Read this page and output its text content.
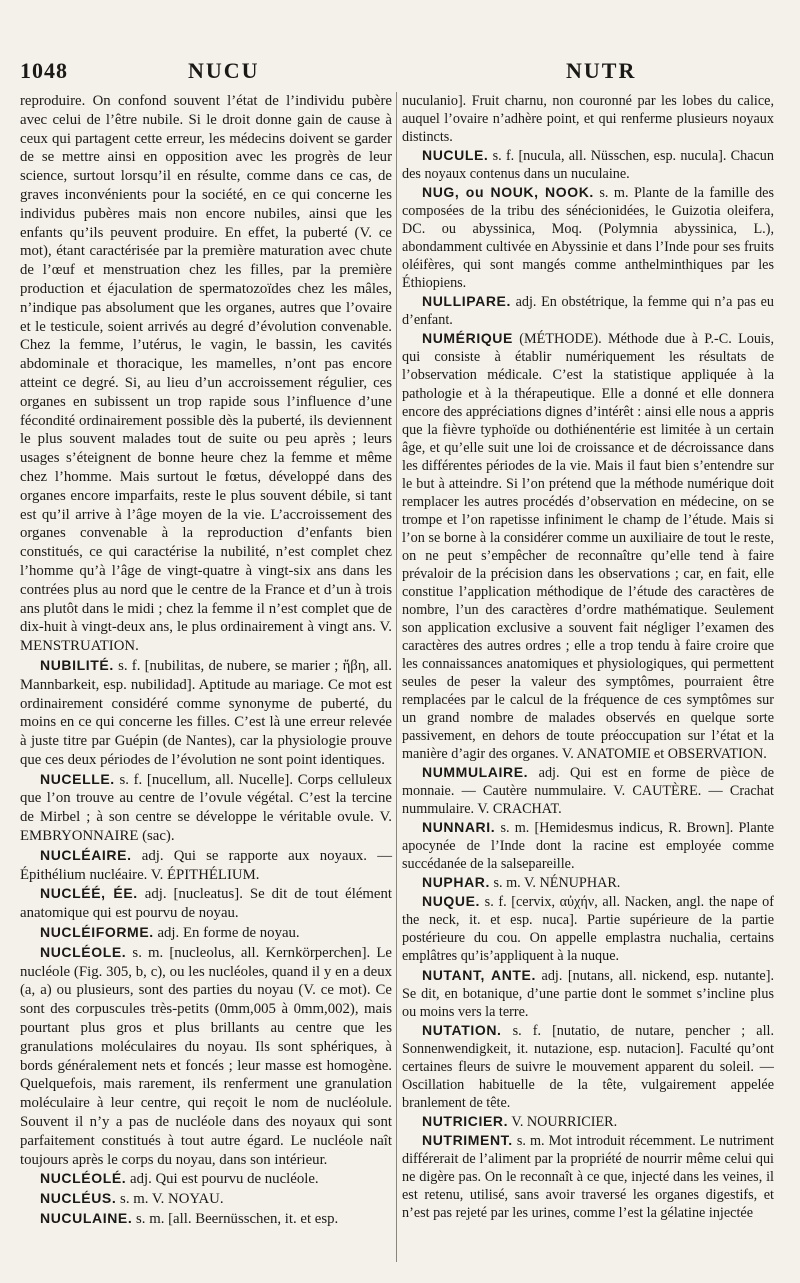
1048	NUCU	NUTR

reproduire. On confond souvent l’état de l’individu pubère avec celui de l’être nubile. Si le droit donne gain de cause à ceux qui partagent cette erreur, les médecins doivent se garder de se mettre ainsi en opposition avec les progrès de leur science, surtout lorsqu’il en résulte, comme dans ce cas, de graves inconvénients pour la société, en ce qui concerne les individus pubères mais non encore nubiles, ainsi que les enfants qu’ils peuvent produire. En effet, la puberté (V. ce mot), étant caractérisée par la première maturation avec chute de l’œuf et menstruation chez les filles, par la première production et éjaculation de spermatozoïdes chez les mâles, n’indique pas absolument que les organes, autres que l’ovaire et le testicule, soient arrivés au degré d’évolution convenable. Chez la femme, l’utérus, le vagin, le bassin, les cavités abdominale et thoracique, les mamelles, n’ont pas encore atteint ce degré. Si, au lieu d’un accroissement régulier, ces organes en subissent un trop rapide sous l’influence d’une fécondité ordinairement possible dès la puberté, ils deviennent le plus souvent malades tout de suite ou peu après ; leurs usages s’éteignent de bonne heure chez la femme et même chez l’homme. Mais surtout le fœtus, développé dans des organes encore imparfaits, reste le plus souvent débile, si tant est qu’il arrive à l’âge moyen de la vie. L’accroissement des organes convenable à la reproduction d’enfants bien constitués, ce qui caractérise la nubilité, n’est complet chez l’homme qu’à l’âge de vingt-quatre à vingt-six ans dans les contrées plus au nord que le centre de la France et d’un à trois ans plutôt dans le midi ; chez la femme il n’est complet que de dix-huit à vingt-deux ans, le plus ordinairement à vingt ans. V. MENSTRUATION.

NUBILITÉ. s. f. [nubilitas, de nubere, se marier ; ἥβη, all. Mannbarkeit, esp. nubilidad]. Aptitude au mariage. Ce mot est ordinairement considéré comme synonyme de puberté, du moins en ce qui concerne les filles. C’est là une erreur relevée à juste titre par Guépin (de Nantes), car la physiologie prouve que ces deux périodes de l’évolution ne sont point identiques.

NUCELLE. s. f. [nucellum, all. Nucelle]. Corps celluleux que l’on trouve au centre de l’ovule végétal. C’est la tercine de Mirbel ; à son centre se développe le véritable ovule. V. EMBRYONNAIRE (sac).

NUCLÉAIRE. adj. Qui se rapporte aux noyaux. — Épithélium nucléaire. V. ÉPITHÉLIUM.

NUCLÉÉ, ÉE. adj. [nucleatus]. Se dit de tout élément anatomique qui est pourvu de noyau.

NUCLÉIFORME. adj. En forme de noyau.

NUCLÉOLE. s. m. [nucleolus, all. Kernkörperchen]. Le nucléole (Fig. 305, b, c), ou les nucléoles, quand il y en a deux (a, a) ou plusieurs, sont des parties du noyau (V. ce mot). Ce sont des corpuscules très-petits (0mm,005 à 0mm,002), mais pourtant plus gros et plus brillants au centre que les granulations moléculaires du noyau. Ils sont sphériques, à bords généralement nets et foncés ; leur masse est homogène. Quelquefois, mais rarement, ils renferment une granulation moléculaire à leur centre, qui reçoit le nom de nucléolule. Souvent il n’y a pas de nucléole dans des noyaux qui sont parfaitement constitués à tout autre égard. Le nucléole naît toujours après le corps du noyau, dans son intérieur.

NUCLÉOLÉ. adj. Qui est pourvu de nucléole.

NUCLÉUS. s. m. V. NOYAU.

NUCULAINE. s. m. [all. Beernüsschen, it. et esp.

nuculanio]. Fruit charnu, non couronné par les lobes du calice, auquel l’ovaire n’adhère point, et qui renferme plusieurs noyaux distincts.

NUCULE. s. f. [nucula, all. Nüsschen, esp. nucula]. Chacun des noyaux contenus dans un nuculaine.

NUG, ou NOUK, NOOK. s. m. Plante de la famille des composées de la tribu des sénécionidées, le Guizotia oleifera, DC. ou abyssinica, Moq. (Polymnia abyssinica, L.), abondamment cultivée en Abyssinie et dans l’Inde pour ses fruits oléifères, qui sont mangés comme anthelminthiques par les Éthiopiens.

NULLIPARE. adj. En obstétrique, la femme qui n’a pas eu d’enfant.

NUMÉRIQUE (MÉTHODE). Méthode due à P.-C. Louis, qui consiste à établir numériquement les résultats de l’observation médicale. C’est la statistique appliquée à la pathologie et à la thérapeutique. Elle a donné et elle donnera encore des appréciations dignes d’intérêt : ainsi elle nous a appris que la fièvre typhoïde ou dothiénentérie est limitée à un certain âge, et qu’elle suit une loi de croissance et de décroissance dans les différentes périodes de la vie. Mais il faut bien s’entendre sur le but à atteindre. Si l’on prétend que la méthode numérique doit remplacer les autres procédés d’observation en médecine, on se trompe et l’on rapetisse infiniment le champ de l’étude. Mais si l’on se borne à la considérer comme un auxiliaire de tout le reste, on ne peut s’empêcher de reconnaître qu’elle tend à faire prévaloir de la précision dans les observations ; car, en fait, elle constitue l’application méthodique de l’étude des caractères de nombre, l’un des caractères d’ordre mathématique. Seulement son application exclusive a souvent fait négliger l’examen des caractères des autres ordres ; elle a trop tendu à faire croire que les connaissances anatomiques et physiologiques, qui permettent seules de peser la valeur des symptômes, pourraient être remplacées par le calcul de la fréquence de ces symptômes sur un grand nombre de malades observés en quelque sorte passivement, en dehors de toute préoccupation sur l’état et la manière d’agir des organes. V. ANATOMIE et OBSERVATION.

NUMMULAIRE. adj. Qui est en forme de pièce de monnaie. — Cautère nummulaire. V. CAUTÈRE. — Crachat nummulaire. V. CRACHAT.

NUNNARI. s. m. [Hemidesmus indicus, R. Brown]. Plante apocynée de l’Inde dont la racine est employée comme succédanée de la salsepareille.

NUPHAR. s. m. V. NÉNUPHAR.

NUQUE. s. f. [cervix, αὐχήν, all. Nacken, angl. the nape of the neck, it. et esp. nuca]. Partie supérieure de la partie postérieure du cou. On appelle emplastra nuchalia, certains emplâtres qu’is’appliquent à la nuque.

NUTANT, ANTE. adj. [nutans, all. nickend, esp. nutante]. Se dit, en botanique, d’une partie dont le sommet s’incline plus ou moins vers la terre.

NUTATION. s. f. [nutatio, de nutare, pencher ; all. Sonnenwendigkeit, it. nutazione, esp. nutacion]. Faculté qu’ont certaines fleurs de suivre le mouvement apparent du soleil. — Oscillation habituelle de la tête, vulgairement appelée branlement de tête.

NUTRICIER. V. NOURRICIER.

NUTRIMENT. s. m. Mot introduit récemment. Le nutriment différerait de l’aliment par la propriété de nourrir même celui qui ne digère pas. On le reconnaît à ce que, injecté dans les veines, il est retenu, utilisé, sans avoir traversé les organes digestifs, et n’est pas rejeté par les urines, comme l’est la gélatine injectée
